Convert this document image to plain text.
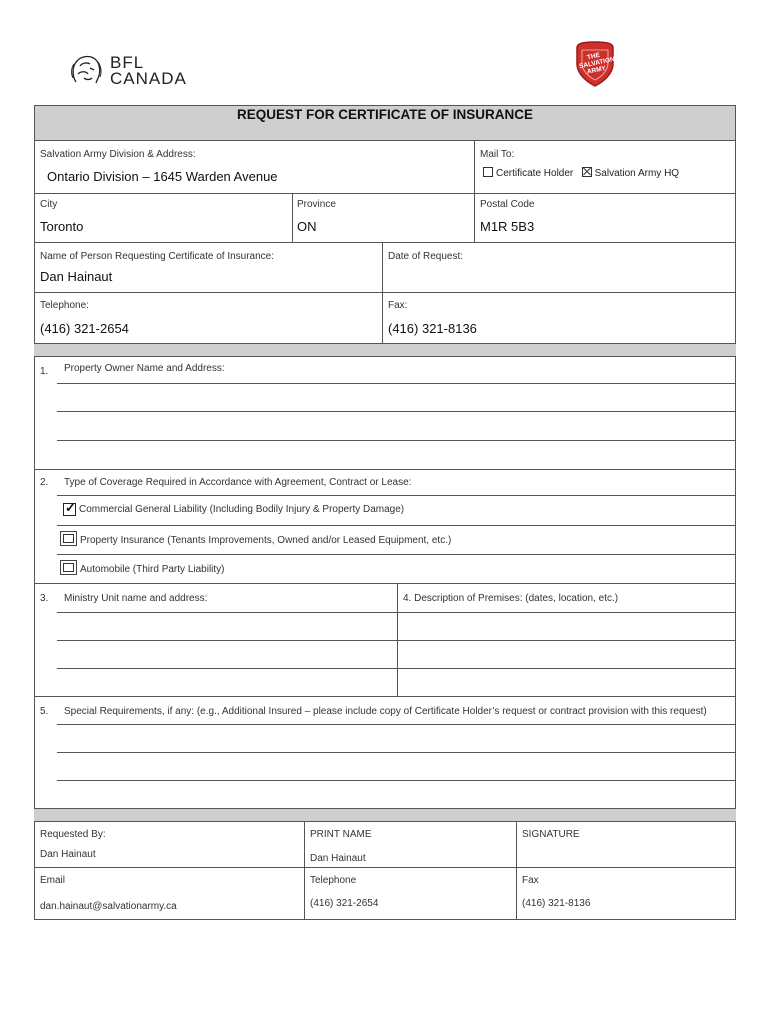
BFL
CANADA
THE SALVATION ARMY
REQUEST FOR CERTIFICATE OF INSURANCE
Salvation Army Division & Address:
Ontario Division – 1645 Warden Avenue
Mail To:
Certificate Holder Salvation Army HQ
City
Toronto
Province
ON
Postal Code
M1R 5B3
Name of Person Requesting Certificate of Insurance:
Dan Hainaut
Date of Request:
Telephone:
(416) 321-2654
Fax:
(416) 321-8136
1. Property Owner Name and Address:
2. Type of Coverage Required in Accordance with Agreement, Contract or Lease:
✓ Commercial General Liability (Including Bodily Injury & Property Damage)
Property Insurance (Tenants Improvements, Owned and/or Leased Equipment, etc.)
Automobile (Third Party Liability)
3. Ministry Unit name and address:	4. Description of Premises: (dates, location, etc.)
5. Special Requirements, if any: (e.g., Additional Insured – please include copy of Certificate Holder’s request or contract provision with this request)
Requested By:
Dan Hainaut
PRINT NAME
Dan Hainaut
SIGNATURE
Email
dan.hainaut@salvationarmy.ca
Telephone
(416) 321-2654
Fax
(416) 321-8136
